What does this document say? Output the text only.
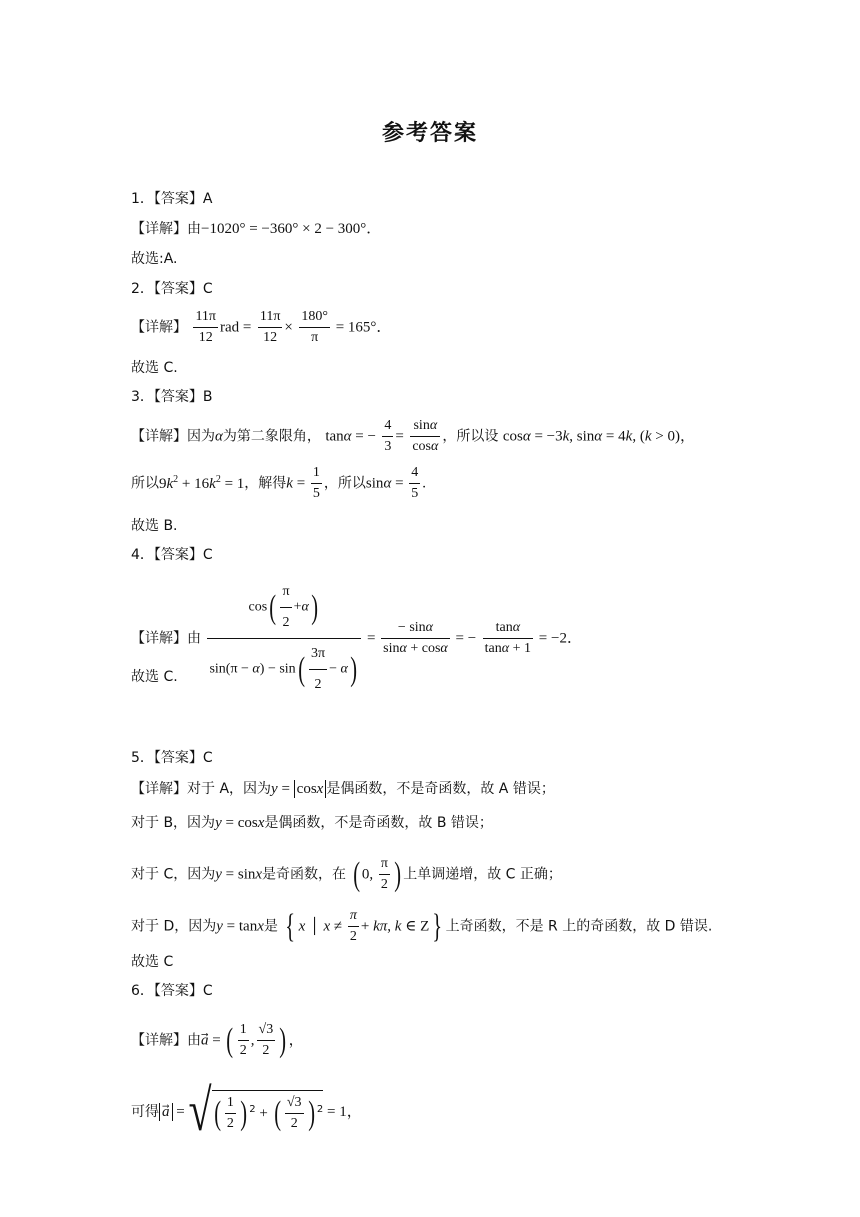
参考答案
1．【答案】A
【详解】由−1020° = −360° × 2 − 300°．
故选:A.
2．【答案】C
【详解】 $\frac{11\pi}{12}$ rad = $\frac{11\pi}{12} \times \frac{180^\circ}{\pi} = 165^\circ$．
故选 C.
3．【答案】B
【详解】因为α为第二象限角， tanα = − $\frac{4}{3} = \frac{\sin\alpha}{\cos\alpha}$ ，所以设 cosα = −3k, sinα = 4k, (k > 0)，
所以$9k^2 + 16k^2 = 1$，解得$k = \frac{1}{5}$ ，所以$\sin\alpha = \frac{4}{5}$ .
故选 B.
4．【答案】C
【详解】由 $\frac{\cos( \frac{\pi}{2} +\alpha)}{\sin(\pi - \alpha) - \sin( \frac{3\pi}{2} - \alpha)} = \frac{- \sin\alpha}{\sin\alpha + \cos\alpha}$ = − $\frac{\tan\alpha}{\tan\alpha + 1} = -2$．
故选 C.
5．【答案】C
【详解】对于 A，因为y = cosx 是偶函数，不是奇函数，故 A 错误；
对于 B，因为y = cosx是偶函数，不是奇函数，故 B 错误；
对于 C，因为y = sinx是奇函数，在 ( 0, $\frac{\pi}{2}$ ) 上单调递增，故 C 正确；
对于 D，因为y = tanx是 { x │ $x \ne \frac{\pi}{2} + k\pi$, k ∈ Z} 上奇函数，不是 R 上的奇函数，故 D 错误.
故选 C
6．【答案】C
【详解】由a⃗ = ( $\frac{1}{2}$ , $\frac{√3}{2}$ ) ，
可得 a = √( $\frac{1}{2}$ ) $^2$ + ( $\frac{√3}{2}$ ) $^2$ = 1，
